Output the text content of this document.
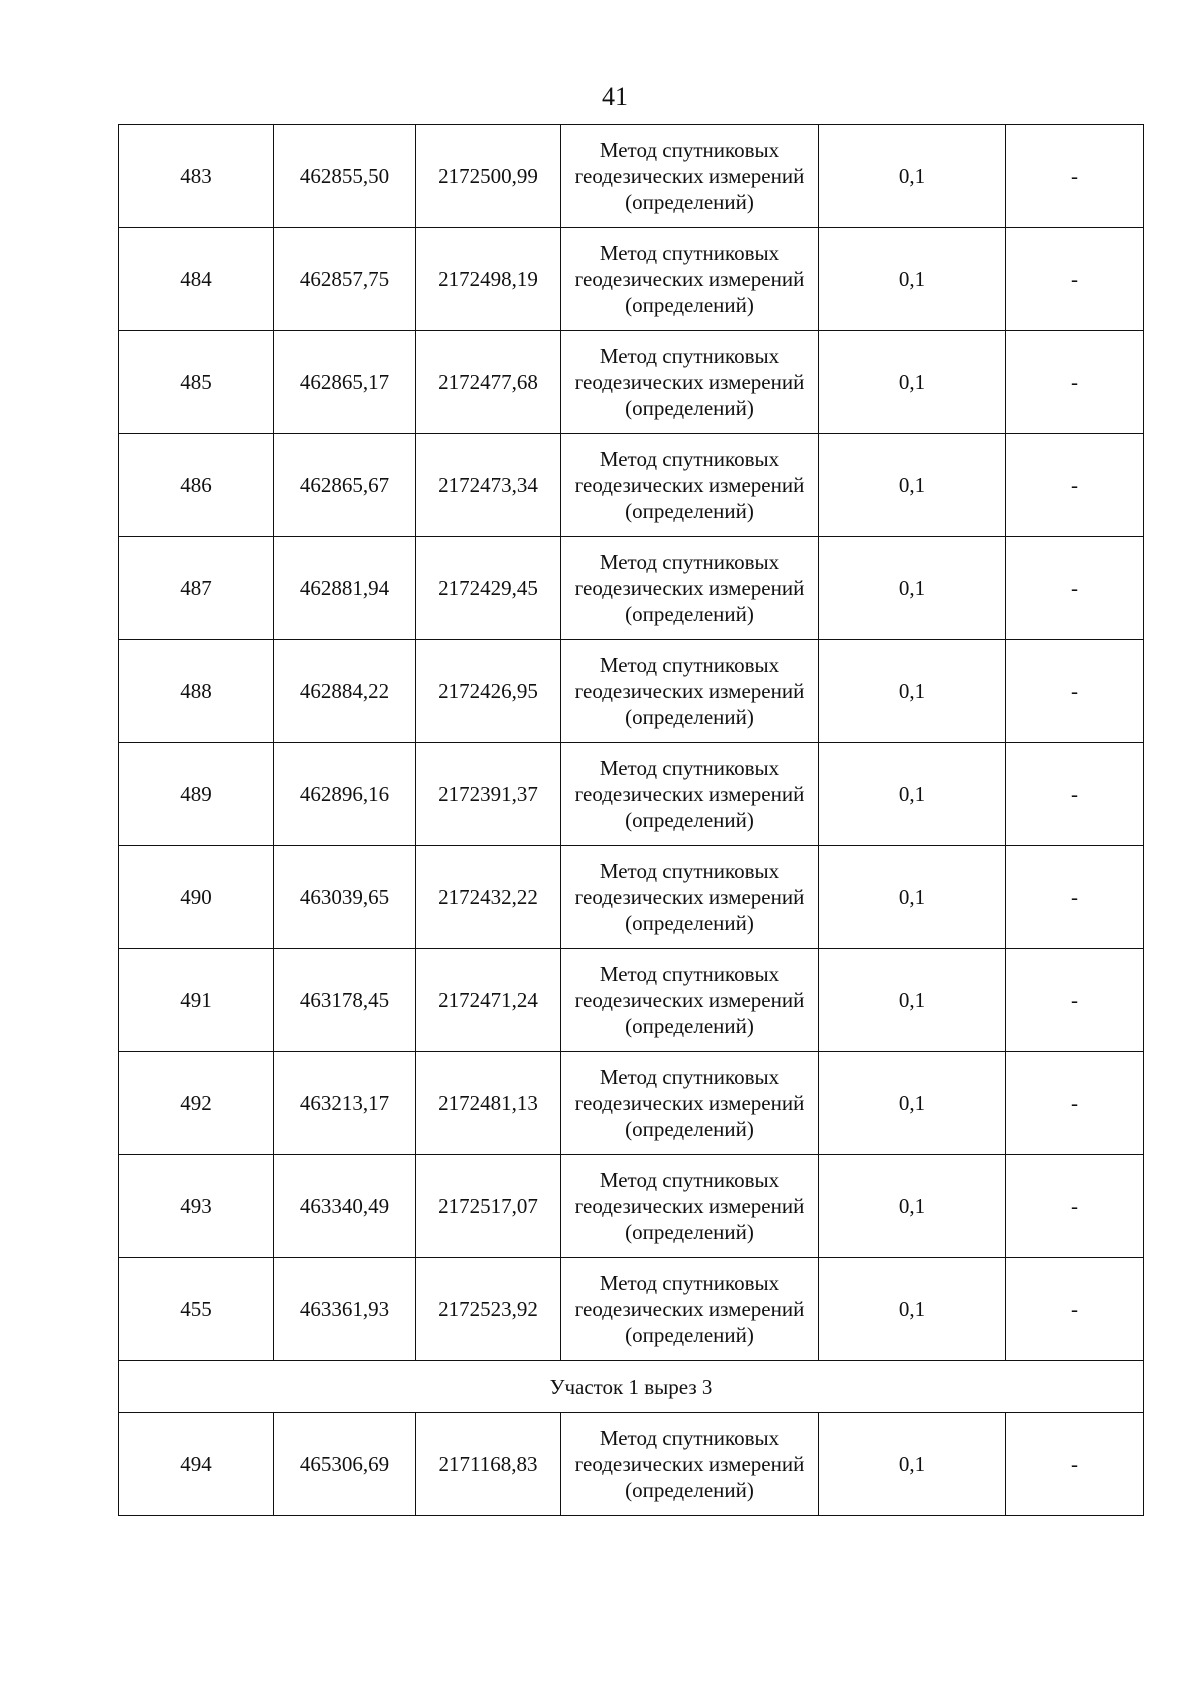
41
483	462855,50	2172500,99	Метод спутниковых
геодезических измерений
(определений)	0,1	-
484	462857,75	2172498,19	Метод спутниковых
геодезических измерений
(определений)	0,1	-
485	462865,17	2172477,68	Метод спутниковых
геодезических измерений
(определений)	0,1	-
486	462865,67	2172473,34	Метод спутниковых
геодезических измерений
(определений)	0,1	-
487	462881,94	2172429,45	Метод спутниковых
геодезических измерений
(определений)	0,1	-
488	462884,22	2172426,95	Метод спутниковых
геодезических измерений
(определений)	0,1	-
489	462896,16	2172391,37	Метод спутниковых
геодезических измерений
(определений)	0,1	-
490	463039,65	2172432,22	Метод спутниковых
геодезических измерений
(определений)	0,1	-
491	463178,45	2172471,24	Метод спутниковых
геодезических измерений
(определений)	0,1	-
492	463213,17	2172481,13	Метод спутниковых
геодезических измерений
(определений)	0,1	-
493	463340,49	2172517,07	Метод спутниковых
геодезических измерений
(определений)	0,1	-
455	463361,93	2172523,92	Метод спутниковых
геодезических измерений
(определений)	0,1	-
Участок 1 вырез 3					
494	465306,69	2171168,83	Метод спутниковых
геодезических измерений
(определений)	0,1	-
